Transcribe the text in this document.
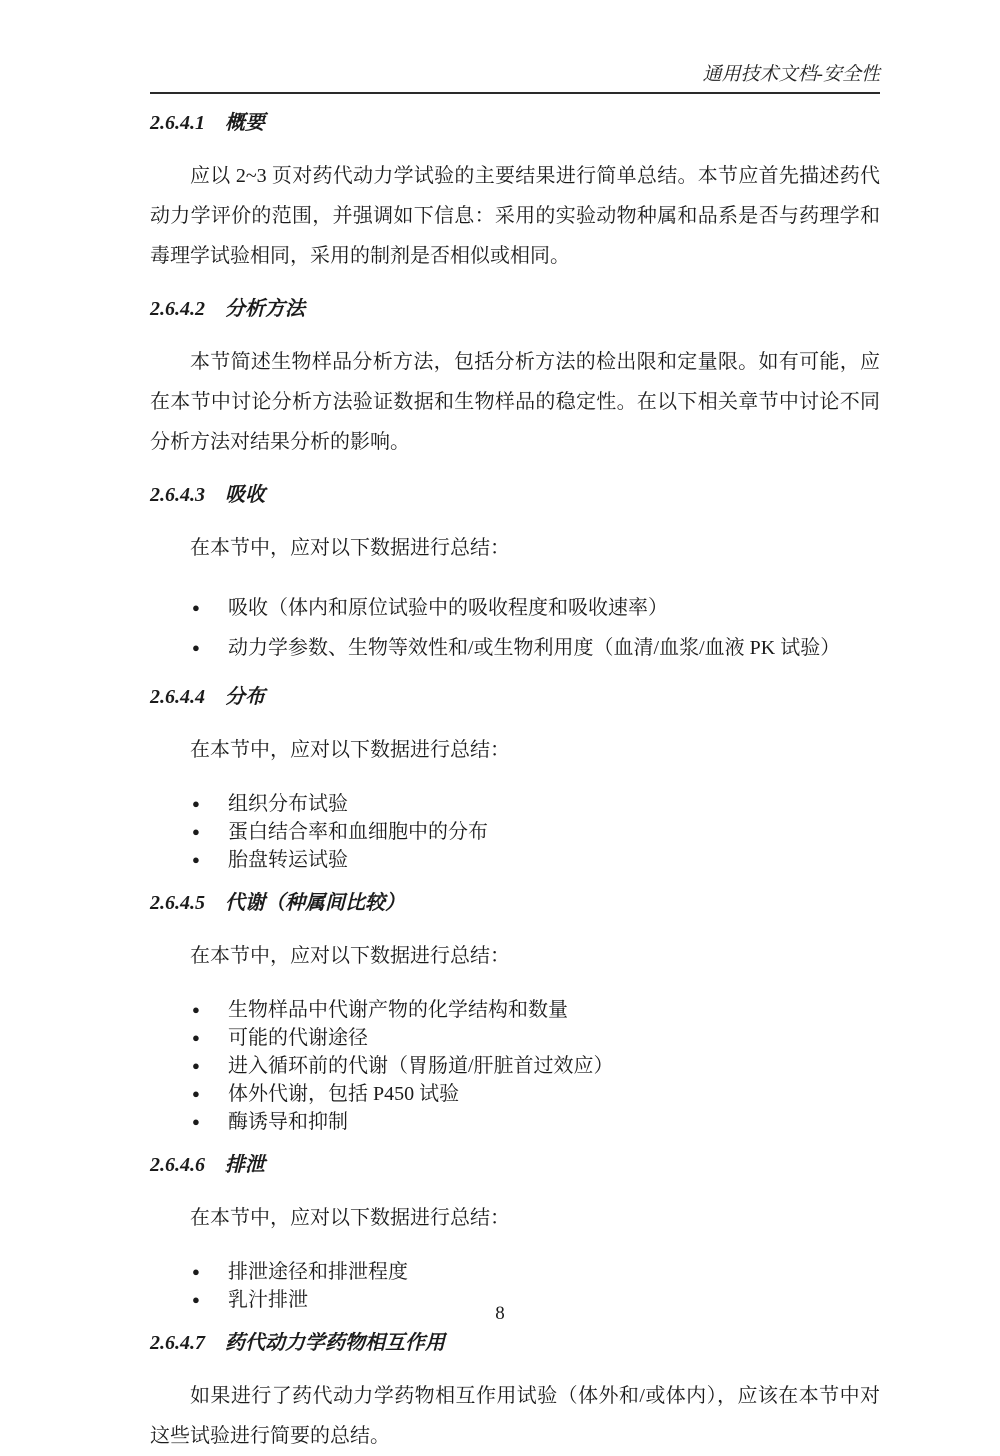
通用技术文档-安全性
2.6.4.1 概要

应以 2~3 页对药代动力学试验的主要结果进行简单总结。本节应首先描述药代动力学评价的范围，并强调如下信息：采用的实验动物种属和品系是否与药理学和毒理学试验相同，采用的制剂是否相似或相同。

2.6.4.2 分析方法

本节简述生物样品分析方法，包括分析方法的检出限和定量限。如有可能，应在本节中讨论分析方法验证数据和生物样品的稳定性。在以下相关章节中讨论不同分析方法对结果分析的影响。

2.6.4.3 吸收

在本节中，应对以下数据进行总结：

●	吸收（体内和原位试验中的吸收程度和吸收速率）
●	动力学参数、生物等效性和/或生物利用度（血清/血浆/血液 PK 试验）
2.6.4.4 分布

在本节中，应对以下数据进行总结：

●	组织分布试验
●	蛋白结合率和血细胞中的分布
●	胎盘转运试验
2.6.4.5 代谢（种属间比较）

在本节中，应对以下数据进行总结：

●	生物样品中代谢产物的化学结构和数量
●	可能的代谢途径
●	进入循环前的代谢（胃肠道/肝脏首过效应）
●	体外代谢，包括 P450 试验
●	酶诱导和抑制
2.6.4.6 排泄

在本节中，应对以下数据进行总结：

●	排泄途径和排泄程度
●	乳汁排泄
2.6.4.7 药代动力学药物相互作用

如果进行了药代动力学药物相互作用试验（体外和/或体内），应该在本节中对这些试验进行简要的总结。

8
